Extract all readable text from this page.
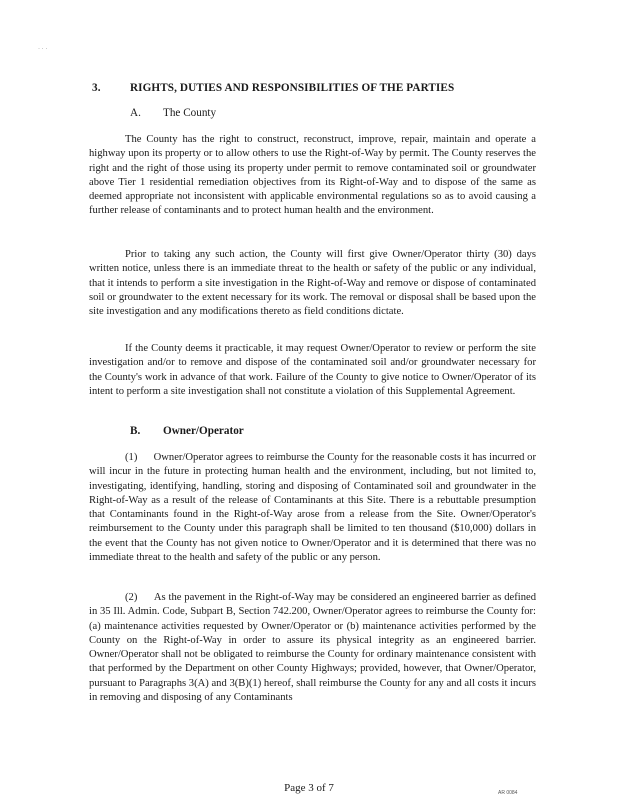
· · ·
3.	RIGHTS, DUTIES AND RESPONSIBILITIES OF THE PARTIES
A. The County

The County has the right to construct, reconstruct, improve, repair, maintain and operate a highway upon its property or to allow others to use the Right-of-Way by permit. The County reserves the right and the right of those using its property under permit to remove contaminated soil or groundwater above Tier 1 residential remediation objectives from its Right-of-Way and to dispose of the same as deemed appropriate not inconsistent with applicable environmental regulations so as to avoid causing a further release of contaminants and to protect human health and the environment.

Prior to taking any such action, the County will first give Owner/Operator thirty (30) days written notice, unless there is an immediate threat to the health or safety of the public or any individual, that it intends to perform a site investigation in the Right-of-Way and remove or dispose of contaminated soil or groundwater to the extent necessary for its work. The removal or disposal shall be based upon the site investigation and any modifications thereto as field conditions dictate.

If the County deems it practicable, it may request Owner/Operator to review or perform the site investigation and/or to remove and dispose of the contaminated soil and/or groundwater necessary for the County's work in advance of that work. Failure of the County to give notice to Owner/Operator of its intent to perform a site investigation shall not constitute a violation of this Supplemental Agreement.

B. Owner/Operator

(1)      Owner/Operator agrees to reimburse the County for the reasonable costs it has incurred or will incur in the future in protecting human health and the environment, including, but not limited to, investigating, identifying, handling, storing and disposing of Contaminated soil and groundwater in the Right-of-Way as a result of the release of Contaminants at this Site. There is a rebuttable presumption that Contaminants found in the Right-of-Way arose from a release from the Site. Owner/Operator's reimbursement to the County under this paragraph shall be limited to ten thousand ($10,000) dollars in the event that the County has not given notice to Owner/Operator and it is determined that there was no immediate threat to the health and safety of the public or any person.

(2)      As the pavement in the Right-of-Way may be considered an engineered barrier as defined in 35 Ill. Admin. Code, Subpart B, Section 742.200, Owner/Operator agrees to reimburse the County for: (a) maintenance activities requested by Owner/Operator or (b) maintenance activities performed by the County on the Right-of-Way in order to assure its physical integrity as an engineered barrier. Owner/Operator shall not be obligated to reimburse the County for ordinary maintenance consistent with that performed by the Department on other County Highways; provided, however, that Owner/Operator, pursuant to Paragraphs 3(A) and 3(B)(1) hereof, shall reimburse the County for any and all costs it incurs in removing and disposing of any Contaminants

Page 3 of 7	AR 0084
